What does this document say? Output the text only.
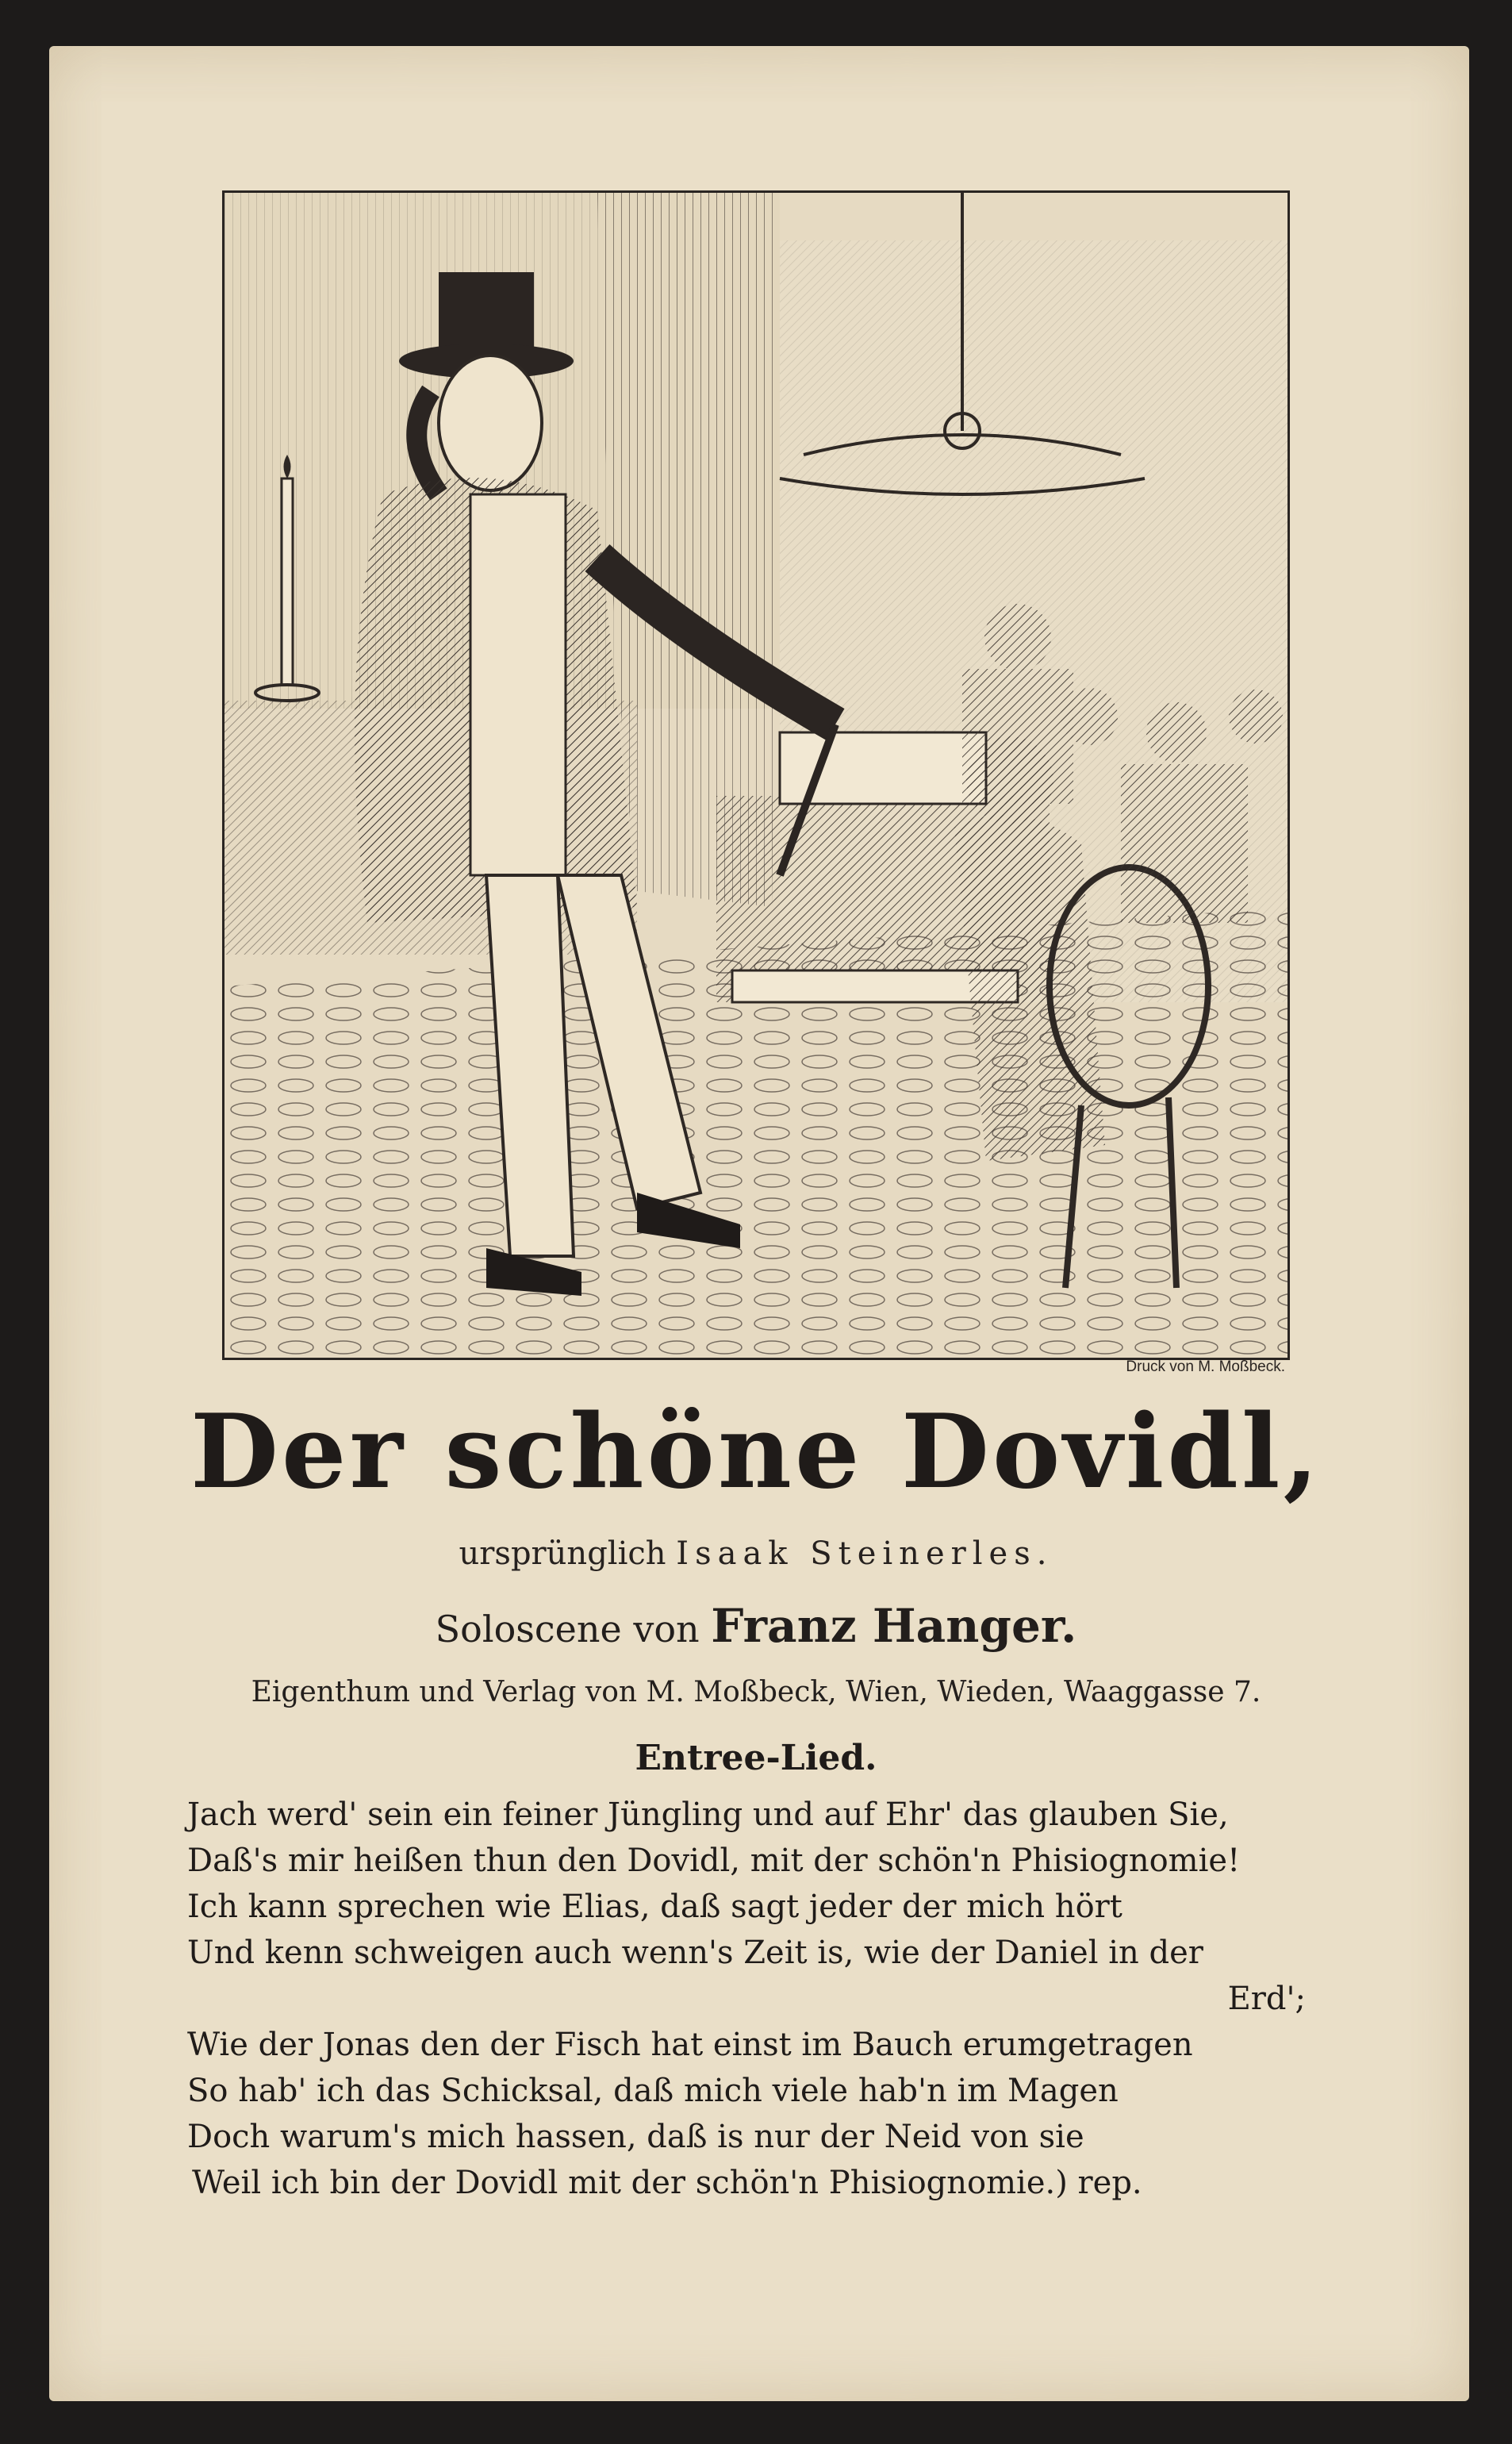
Druck von M. Moßbeck.
Der schöne Dovidl,
ursprünglich Isaak Steinerles.
Soloscene von Franz Hanger.
Eigenthum und Verlag von M. Moßbeck, Wien, Wieden, Waaggasse 7.
Entree-Lied.
Jach werd' sein ein feiner Jüngling und auf Ehr' das glauben Sie,
Daß's mir heißen thun den Dovidl, mit der schön'n Phisiognomie!
Ich kann sprechen wie Elias, daß sagt jeder der mich hört
Und kenn schweigen auch wenn's Zeit is, wie der Daniel in der
Erd';
Wie der Jonas den der Fisch hat einst im Bauch erumgetragen
So hab' ich das Schicksal, daß mich viele hab'n im Magen
Doch warum's mich hassen, daß is nur der Neid von sie
Weil ich bin der Dovidl mit der schön'n Phisiognomie.) rep.
